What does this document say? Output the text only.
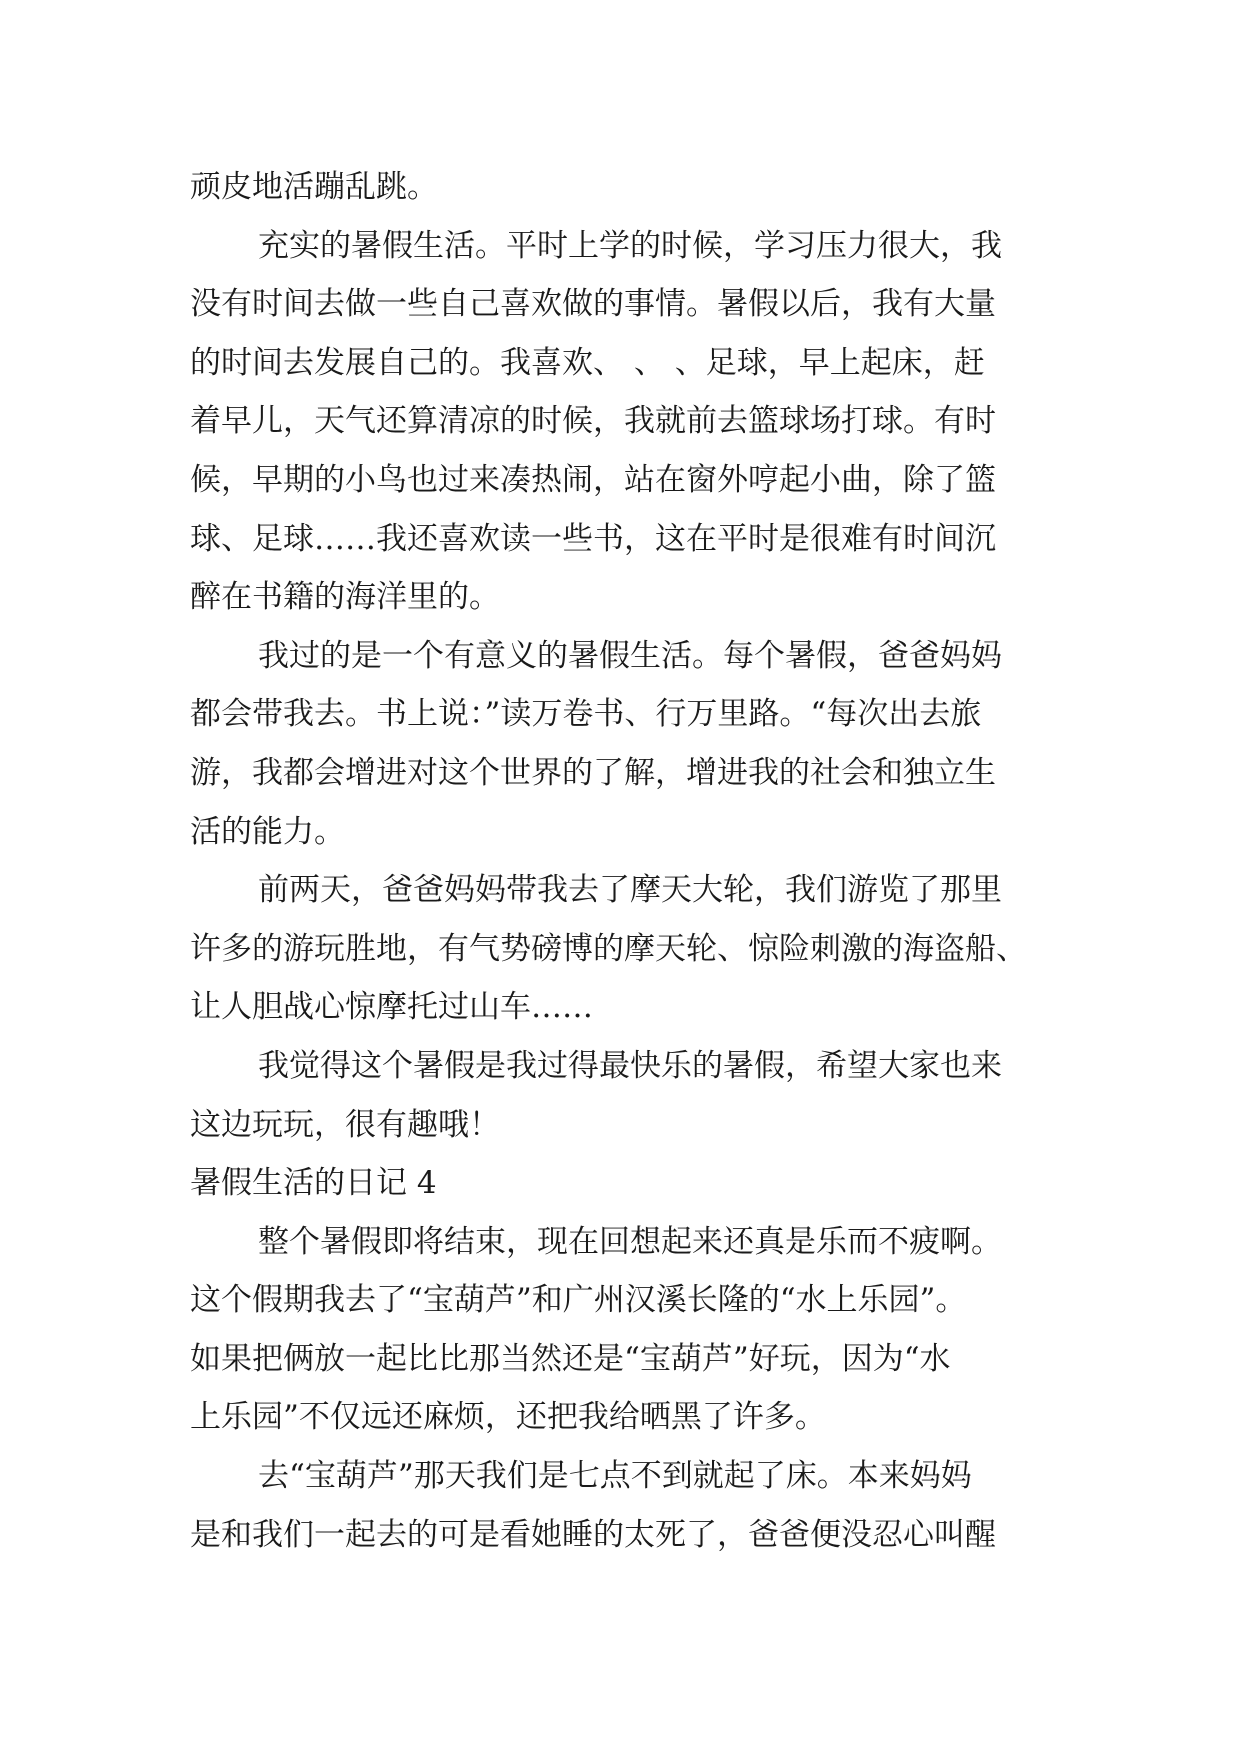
顽皮地活蹦乱跳。
充实的暑假生活。平时上学的时候，学习压力很大，我
没有时间去做一些自己喜欢做的事情。暑假以后，我有大量
的时间去发展自己的。我喜欢、 、 、足球，早上起床，赶
着早儿，天气还算清凉的时候，我就前去篮球场打球。有时
候，早期的小鸟也过来凑热闹，站在窗外哼起小曲，除了篮
球、足球……我还喜欢读一些书，这在平时是很难有时间沉
醉在书籍的海洋里的。
我过的是一个有意义的暑假生活。每个暑假，爸爸妈妈
都会带我去。书上说：”读万卷书、行万里路。“每次出去旅
游，我都会增进对这个世界的了解，增进我的社会和独立生
活的能力。
前两天，爸爸妈妈带我去了摩天大轮，我们游览了那里
许多的游玩胜地，有气势磅博的摩天轮、惊险刺激的海盗船、
让人胆战心惊摩托过山车……
我觉得这个暑假是我过得最快乐的暑假，希望大家也来
这边玩玩，很有趣哦！
暑假生活的日记 4
整个暑假即将结束，现在回想起来还真是乐而不疲啊。
这个假期我去了“宝葫芦”和广州汉溪长隆的“水上乐园”。
如果把俩放一起比比那当然还是“宝葫芦”好玩，因为“水
上乐园”不仅远还麻烦，还把我给晒黑了许多。
去“宝葫芦”那天我们是七点不到就起了床。本来妈妈
是和我们一起去的可是看她睡的太死了，爸爸便没忍心叫醒
